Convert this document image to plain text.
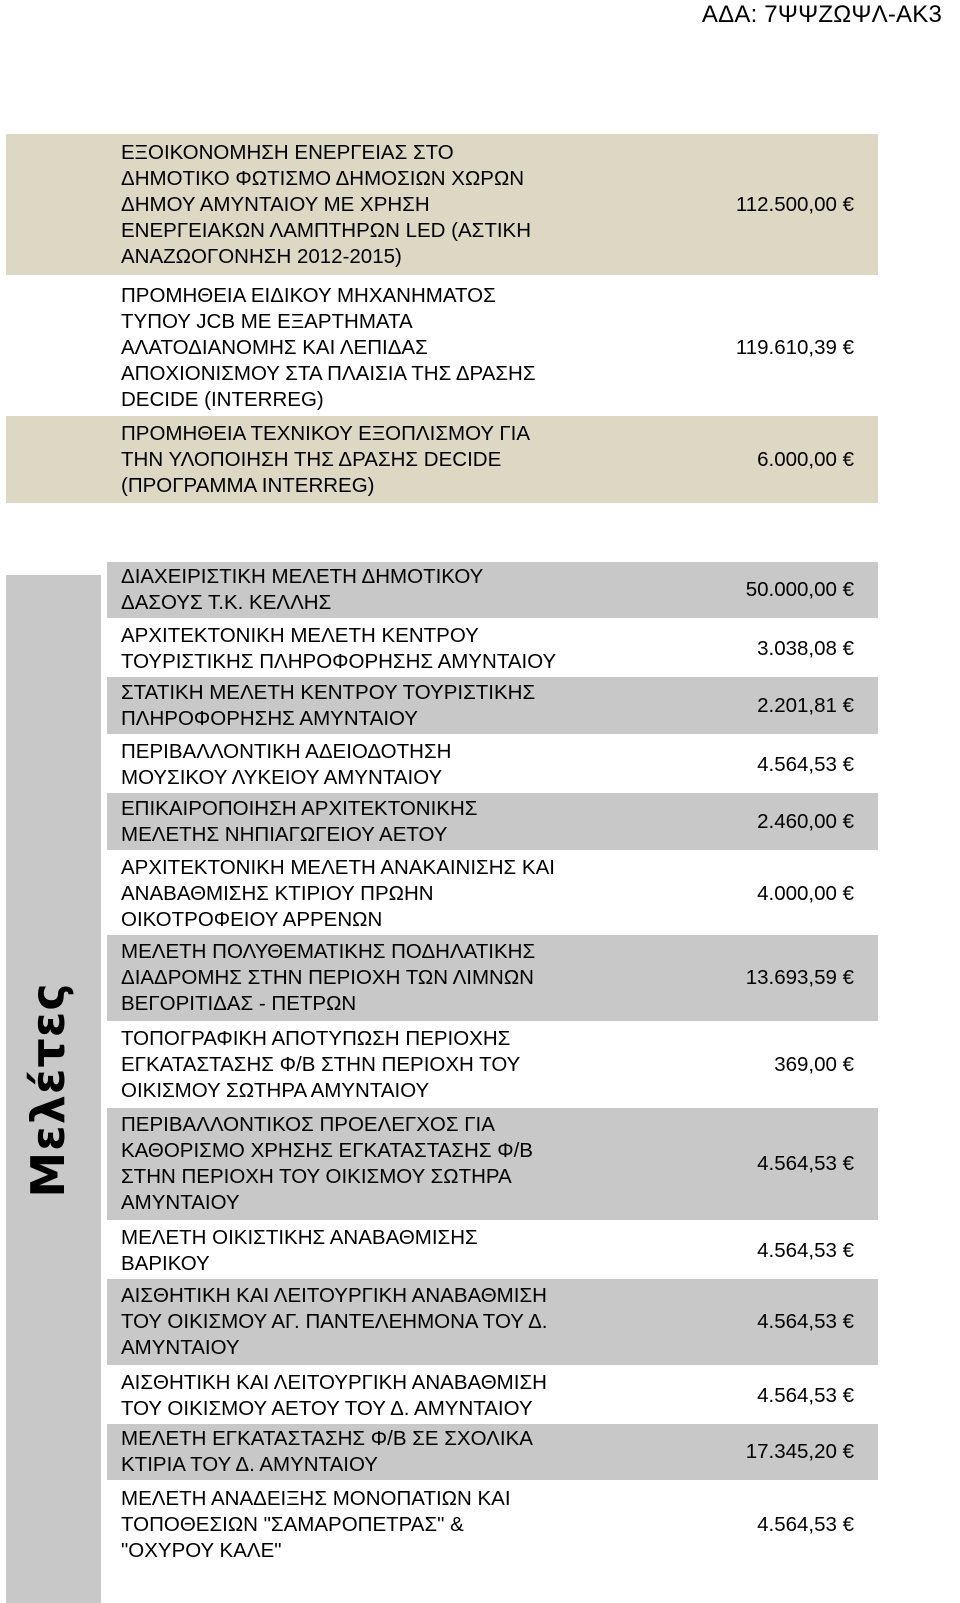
ΑΔΑ: 7ΨΨΖΩΨΛ-ΑΚ3
ΕΞΟΙΚΟΝΟΜΗΣΗ ΕΝΕΡΓΕΙΑΣ ΣΤΟ
ΔΗΜΟΤΙΚΟ ΦΩΤΙΣΜΟ ΔΗΜΟΣΙΩΝ ΧΩΡΩΝ
ΔΗΜΟΥ ΑΜΥΝΤΑΙΟΥ ΜΕ ΧΡΗΣΗ
ΕΝΕΡΓΕΙΑΚΩΝ ΛΑΜΠΤΗΡΩΝ LED (ΑΣΤΙΚΗ
ΑΝΑΖΩΟΓΟΝΗΣΗ 2012-2015)
112.500,00 €
ΠΡΟΜΗΘΕΙΑ ΕΙΔΙΚΟΥ ΜΗΧΑΝΗΜΑΤΟΣ
ΤΥΠΟΥ JCB ΜΕ ΕΞΑΡΤΗΜΑΤΑ
ΑΛΑΤΟΔΙΑΝΟΜΗΣ ΚΑΙ ΛΕΠΙΔΑΣ
ΑΠΟΧΙΟΝΙΣΜΟΥ ΣΤΑ ΠΛΑΙΣΙΑ ΤΗΣ ΔΡΑΣΗΣ
DECIDE (INTERREG)
119.610,39 €
ΠΡΟΜΗΘΕΙΑ ΤΕΧΝΙΚΟΥ ΕΞΟΠΛΙΣΜΟΥ ΓΙΑ
ΤΗΝ ΥΛΟΠΟΙΗΣΗ ΤΗΣ ΔΡΑΣΗΣ DECIDE
(ΠΡΟΓΡΑΜΜΑ INTERREG)
6.000,00 €
Μελέτες
ΔΙΑΧΕΙΡΙΣΤΙΚΗ ΜΕΛΕΤΗ ΔΗΜΟΤΙΚΟΥ
ΔΑΣΟΥΣ Τ.Κ. ΚΕΛΛΗΣ
50.000,00 €
ΑΡΧΙΤΕΚΤΟΝΙΚΗ ΜΕΛΕΤΗ ΚΕΝΤΡΟΥ
ΤΟΥΡΙΣΤΙΚΗΣ ΠΛΗΡΟΦΟΡΗΣΗΣ ΑΜΥΝΤΑΙΟΥ
3.038,08 €
ΣΤΑΤΙΚΗ ΜΕΛΕΤΗ ΚΕΝΤΡΟΥ ΤΟΥΡΙΣΤΙΚΗΣ
ΠΛΗΡΟΦΟΡΗΣΗΣ ΑΜΥΝΤΑΙΟΥ
2.201,81 €
ΠΕΡΙΒΑΛΛΟΝΤΙΚΗ ΑΔΕΙΟΔΟΤΗΣΗ
ΜΟΥΣΙΚΟΥ ΛΥΚΕΙΟΥ ΑΜΥΝΤΑΙΟΥ
4.564,53 €
ΕΠΙΚΑΙΡΟΠΟΙΗΣΗ ΑΡΧΙΤΕΚΤΟΝΙΚΗΣ
ΜΕΛΕΤΗΣ ΝΗΠΙΑΓΩΓΕΙΟΥ ΑΕΤΟΥ
2.460,00 €
ΑΡΧΙΤΕΚΤΟΝΙΚΗ ΜΕΛΕΤΗ ΑΝΑΚΑΙΝΙΣΗΣ ΚΑΙ
ΑΝΑΒΑΘΜΙΣΗΣ ΚΤΙΡΙΟΥ ΠΡΩΗΝ
ΟΙΚΟΤΡΟΦΕΙΟΥ ΑΡΡΕΝΩΝ
4.000,00 €
ΜΕΛΕΤΗ ΠΟΛΥΘΕΜΑΤΙΚΗΣ ΠΟΔΗΛΑΤΙΚΗΣ
ΔΙΑΔΡΟΜΗΣ ΣΤΗΝ ΠΕΡΙΟΧΗ ΤΩΝ ΛΙΜΝΩΝ
ΒΕΓΟΡΙΤΙΔΑΣ - ΠΕΤΡΩΝ
13.693,59 €
ΤΟΠΟΓΡΑΦΙΚΗ ΑΠΟΤΥΠΩΣΗ ΠΕΡΙΟΧΗΣ
ΕΓΚΑΤΑΣΤΑΣΗΣ Φ/Β ΣΤΗΝ ΠΕΡΙΟΧΗ ΤΟΥ
ΟΙΚΙΣΜΟΥ ΣΩΤΗΡΑ ΑΜΥΝΤΑΙΟΥ
369,00 €
ΠΕΡΙΒΑΛΛΟΝΤΙΚΟΣ ΠΡΟΕΛΕΓΧΟΣ ΓΙΑ
ΚΑΘΟΡΙΣΜΟ ΧΡΗΣΗΣ ΕΓΚΑΤΑΣΤΑΣΗΣ Φ/Β
ΣΤΗΝ ΠΕΡΙΟΧΗ ΤΟΥ ΟΙΚΙΣΜΟΥ ΣΩΤΗΡΑ
ΑΜΥΝΤΑΙΟΥ
4.564,53 €
ΜΕΛΕΤΗ ΟΙΚΙΣΤΙΚΗΣ ΑΝΑΒΑΘΜΙΣΗΣ
ΒΑΡΙΚΟΥ
4.564,53 €
ΑΙΣΘΗΤΙΚΗ ΚΑΙ ΛΕΙΤΟΥΡΓΙΚΗ ΑΝΑΒΑΘΜΙΣΗ
ΤΟΥ ΟΙΚΙΣΜΟΥ ΑΓ. ΠΑΝΤΕΛΕΗΜΟΝΑ ΤΟΥ Δ.
ΑΜΥΝΤΑΙΟΥ
4.564,53 €
ΑΙΣΘΗΤΙΚΗ ΚΑΙ ΛΕΙΤΟΥΡΓΙΚΗ ΑΝΑΒΑΘΜΙΣΗ
ΤΟΥ ΟΙΚΙΣΜΟΥ ΑΕΤΟΥ ΤΟΥ Δ. ΑΜΥΝΤΑΙΟΥ
4.564,53 €
ΜΕΛΕΤΗ ΕΓΚΑΤΑΣΤΑΣΗΣ Φ/Β ΣΕ ΣΧΟΛΙΚΑ
ΚΤΙΡΙΑ ΤΟΥ Δ. ΑΜΥΝΤΑΙΟΥ
17.345,20 €
ΜΕΛΕΤΗ ΑΝΑΔΕΙΞΗΣ ΜΟΝΟΠΑΤΙΩΝ ΚΑΙ
ΤΟΠΟΘΕΣΙΩΝ "ΣΑΜΑΡΟΠΕΤΡΑΣ" &
"ΟΧΥΡΟΥ ΚΑΛΕ"
4.564,53 €
